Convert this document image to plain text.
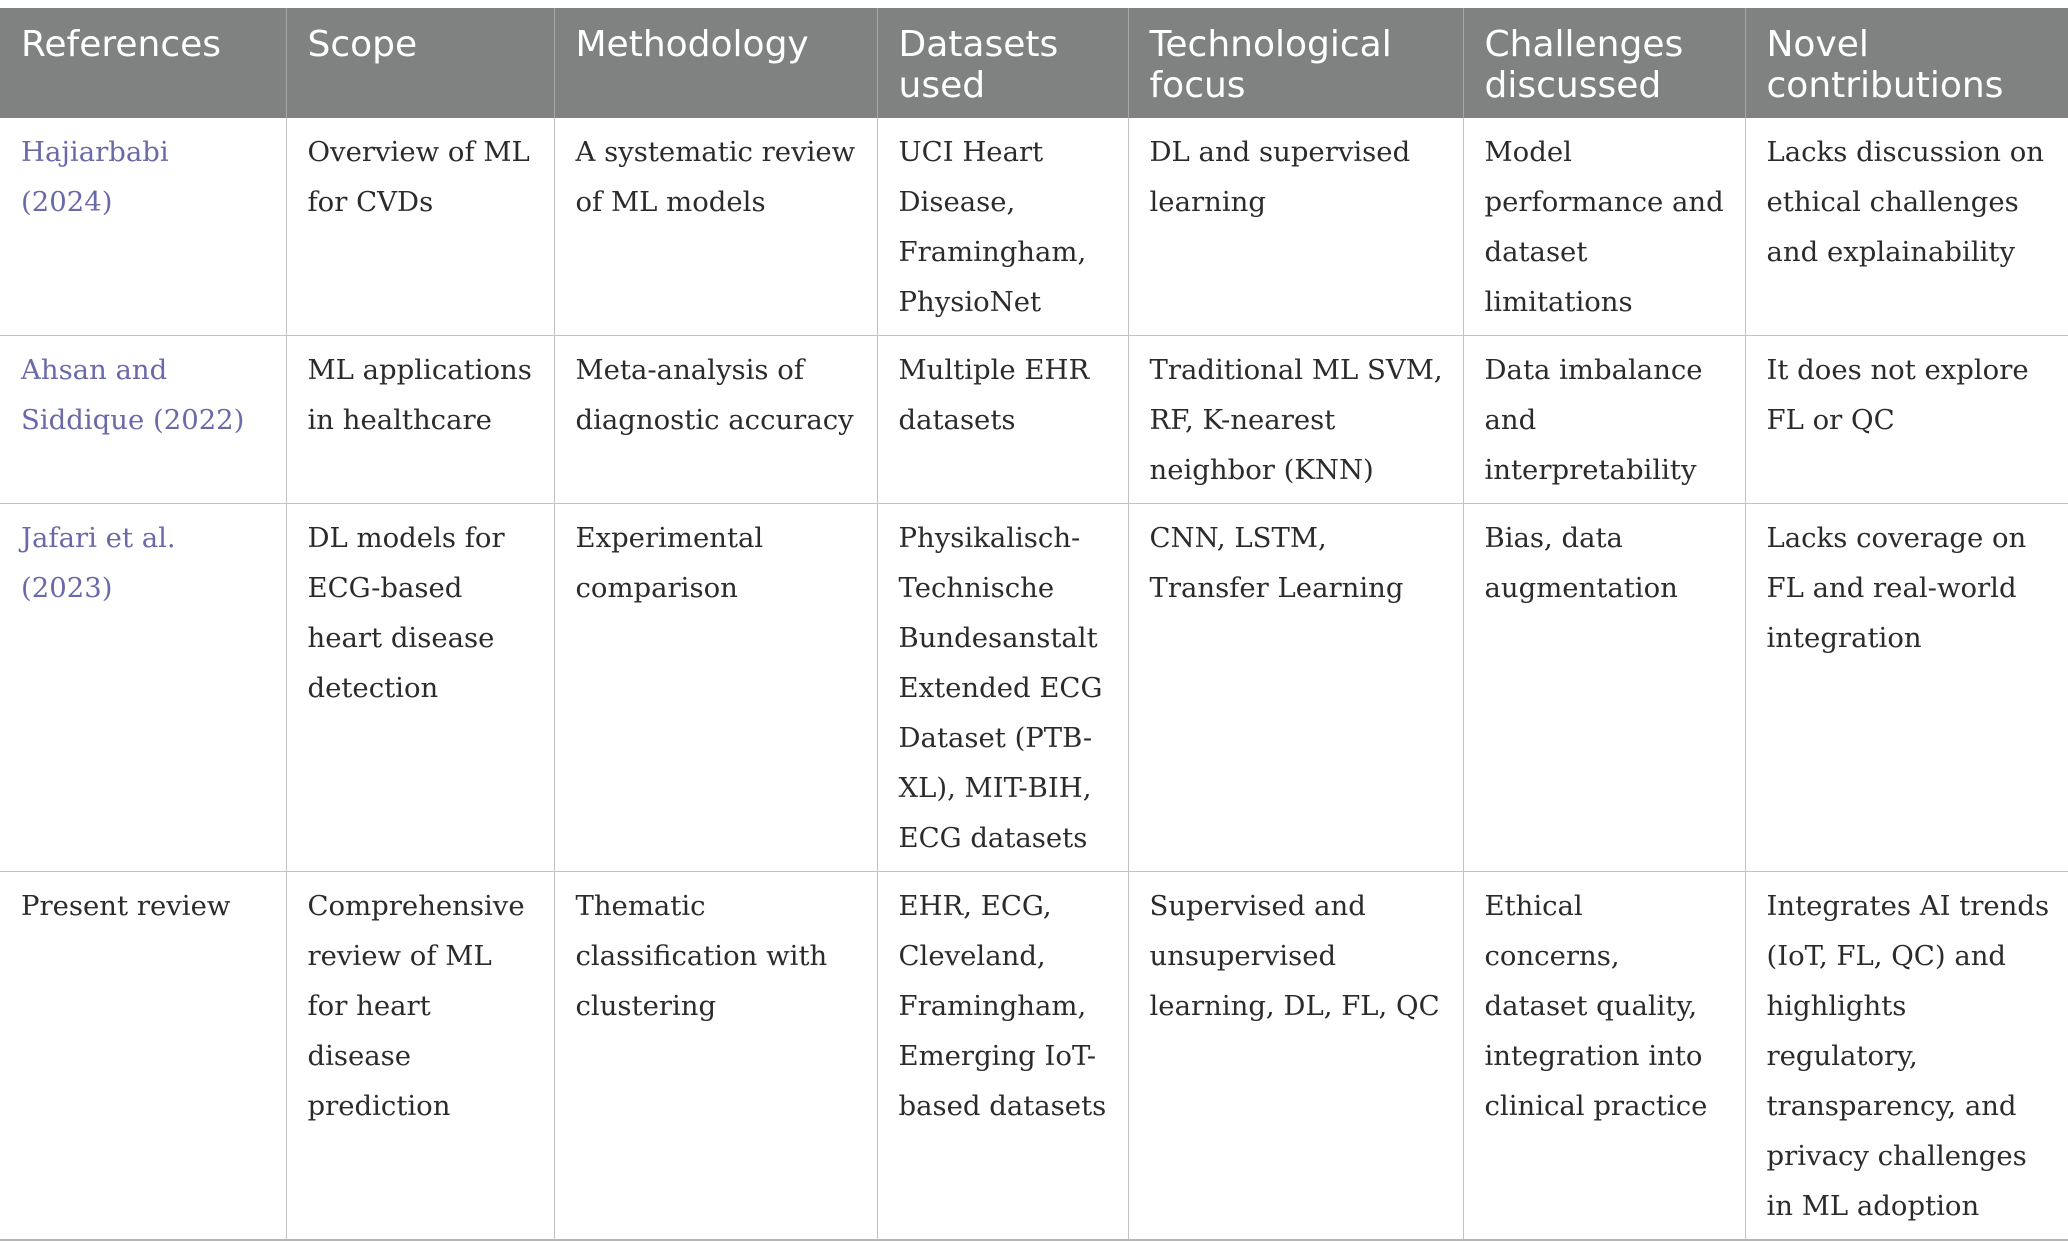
References	Scope	Methodology	Datasets used	Technological focus	Challenges discussed	Novel contributions
Hajiarbabi (2024)	Overview of ML for CVDs	A systematic review of ML models	UCI Heart Disease, Framingham, PhysioNet	DL and supervised learning	Model performance and dataset limitations	Lacks discussion on ethical challenges and explainability
Ahsan and Siddique (2022)	ML applications in healthcare	Meta-analysis of diagnostic accuracy	Multiple EHR datasets	Traditional ML SVM, RF, K-nearest neighbor (KNN)	Data imbalance and interpretability	It does not explore FL or QC
Jafari et al. (2023)	DL models for ECG-based heart disease detection	Experimental comparison	Physikalisch-Technische Bundesanstalt Extended ECG Dataset (PTB-XL), MIT-BIH, ECG datasets	CNN, LSTM, Transfer Learning	Bias, data augmentation	Lacks coverage on FL and real-world integration
Present review	Comprehensive review of ML for heart disease prediction	Thematic classification with clustering	EHR, ECG, Cleveland, Framingham, Emerging IoT-based datasets	Supervised and unsupervised learning, DL, FL, QC	Ethical concerns, dataset quality, integration into clinical practice	Integrates AI trends (IoT, FL, QC) and highlights regulatory, transparency, and privacy challenges in ML adoption
